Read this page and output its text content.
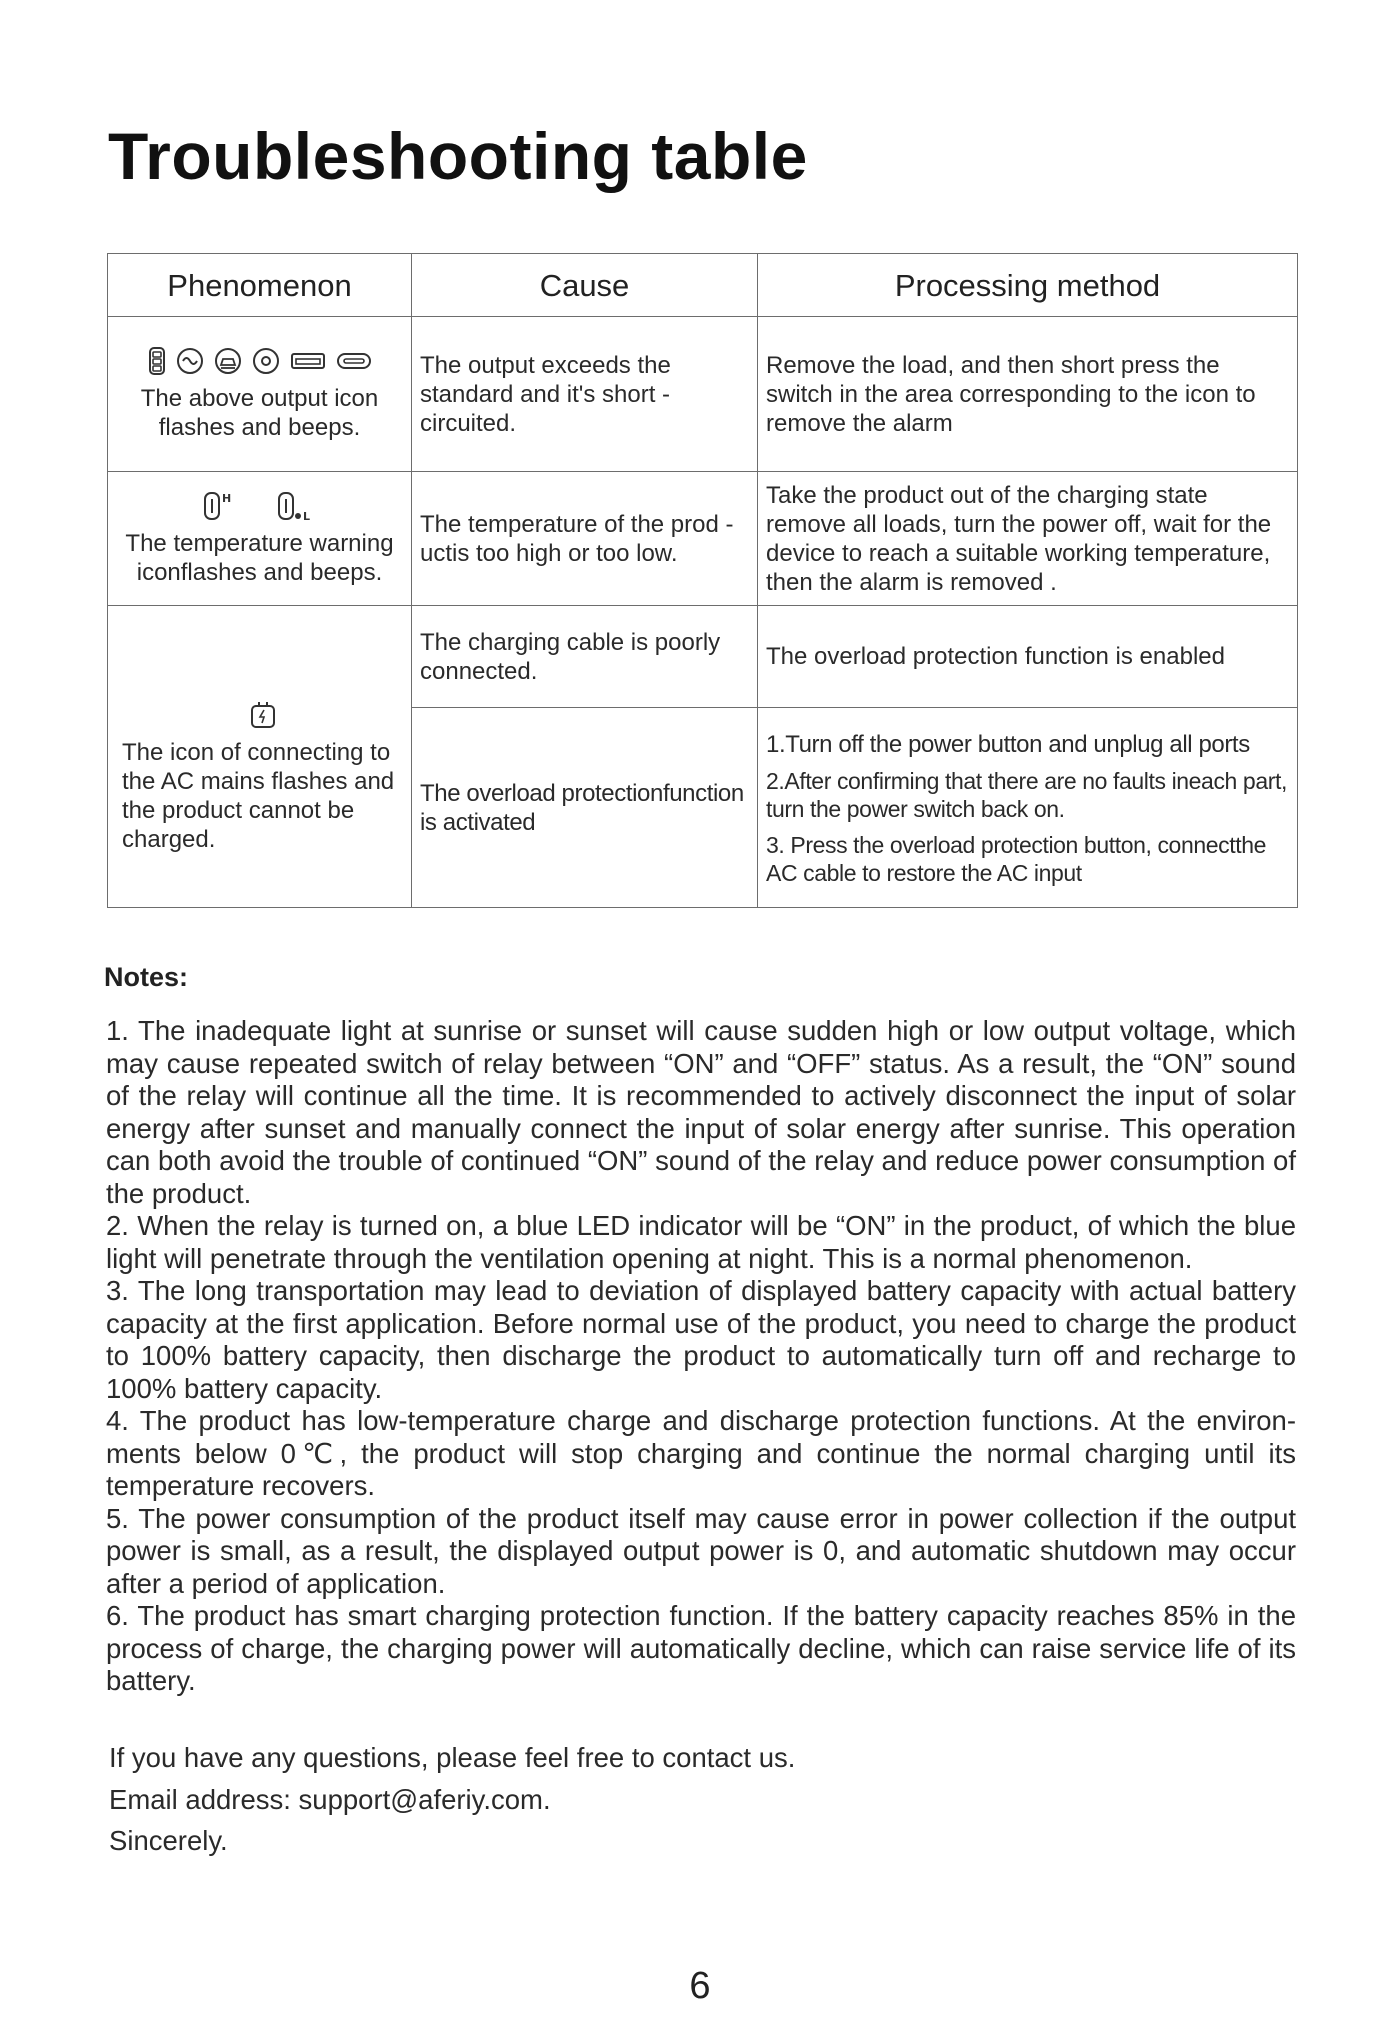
Troubleshooting table
Phenomenon	Cause	Processing method

The above output icon flashes and beeps.	The output exceeds the standard and it's short -circuited.	Remove the load, and then short press the switch in the area corresponding to the icon to remove the alarm

H
L
The temperature warning iconflashes and beeps.	The temperature of the prod -uctis too high or too low.	Take the product out of the charging state remove all loads, turn the power off, wait for the device to reach a suitable working temperature, then the alarm is removed .

The icon of connecting to the AC mains flashes and the product cannot be charged.	The charging cable is poorly connected.	The overload protection function is enabled
	The overload protectionfunction is activated	1.Turn off the power button and unplug all ports
2.After confirming that there are no faults ineach part, turn the power switch back on.
3. Press the overload protection button, connectthe AC cable to restore the AC input
Notes:

1. The inadequate light at sunrise or sunset will cause sudden high or low output voltage, which may cause repeated switch of relay between “ON” and “OFF” status. As a result, the “ON” sound of the relay will continue all the time. It is recommended to actively disconnect the input of solar energy after sunset and manually connect the input of solar energy after sunrise. This operation can both avoid the trouble of continued “ON” sound of the relay and reduce power consumption of the product.

2. When the relay is turned on, a blue LED indicator will be “ON” in the product, of which the blue light will penetrate through the ventilation opening at night. This is a normal phenomenon.

3. The long transportation may lead to deviation of displayed battery capacity with actual battery capacity at the first application. Before normal use of the product, you need to charge the product to 100% battery capacity, then discharge the product to automatically turn off and recharge to 100% battery capacity.

4. The product has low-temperature charge and discharge protection functions. At the environ-ments below 0℃, the product will stop charging and continue the normal charging until its temperature recovers.

5. The power consumption of the product itself may cause error in power collection if the output power is small, as a result, the displayed output power is 0, and automatic shutdown may occur after a period of application.

6. The product has smart charging protection function. If the battery capacity reaches 85% in the process of charge, the charging power will automatically decline, which can raise service life of its battery.

If you have any questions, please feel free to contact us.

Email address: support@aferiy.com.

Sincerely.

6
